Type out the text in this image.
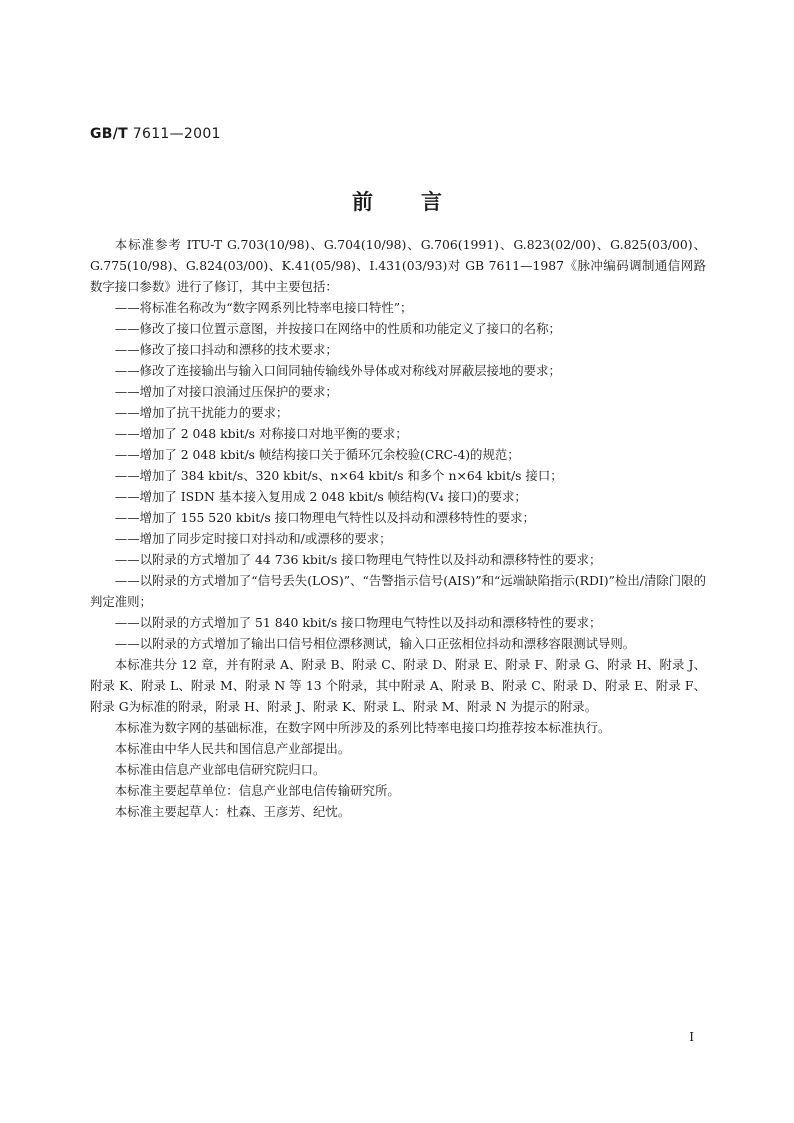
GB/T 7611—2001
前言

本标准参考 ITU-T G.703(10/98)、G.704(10/98)、G.706(1991)、G.823(02/00)、G.825(03/00)、G.775(10/98)、G.824(03/00)、K.41(05/98)、I.431(03/93)对 GB 7611—1987《脉冲编码调制通信网路数字接口参数》进行了修订，其中主要包括：

——将标准名称改为“数字网系列比特率电接口特性”；

——修改了接口位置示意图，并按接口在网络中的性质和功能定义了接口的名称；

——修改了接口抖动和漂移的技术要求；

——修改了连接输出与输入口间同轴传输线外导体或对称线对屏蔽层接地的要求；

——增加了对接口浪涌过压保护的要求；

——增加了抗干扰能力的要求；

——增加了 2 048 kbit/s 对称接口对地平衡的要求；

——增加了 2 048 kbit/s 帧结构接口关于循环冗余校验(CRC-4)的规范；

——增加了 384 kbit/s、320 kbit/s、n×64 kbit/s 和多个 n×64 kbit/s 接口；

——增加了 ISDN 基本接入复用成 2 048 kbit/s 帧结构(V₄ 接口)的要求；

——增加了 155 520 kbit/s 接口物理电气特性以及抖动和漂移特性的要求；

——增加了同步定时接口对抖动和/或漂移的要求；

——以附录的方式增加了 44 736 kbit/s 接口物理电气特性以及抖动和漂移特性的要求；

——以附录的方式增加了“信号丢失(LOS)”、“告警指示信号(AIS)”和“远端缺陷指示(RDI)”检出/清除门限的判定准则；

——以附录的方式增加了 51 840 kbit/s 接口物理电气特性以及抖动和漂移特性的要求；

——以附录的方式增加了输出口信号相位漂移测试，输入口正弦相位抖动和漂移容限测试导则。

本标准共分 12 章，并有附录 A、附录 B、附录 C、附录 D、附录 E、附录 F、附录 G、附录 H、附录 J、附录 K、附录 L、附录 M、附录 N 等 13 个附录，其中附录 A、附录 B、附录 C、附录 D、附录 E、附录 F、附录 G为标准的附录，附录 H、附录 J、附录 K、附录 L、附录 M、附录 N 为提示的附录。

本标准为数字网的基础标准，在数字网中所涉及的系列比特率电接口均推荐按本标准执行。

本标准由中华人民共和国信息产业部提出。

本标准由信息产业部电信研究院归口。

本标准主要起草单位：信息产业部电信传输研究所。

本标准主要起草人：杜森、王彦芳、纪忱。

I
